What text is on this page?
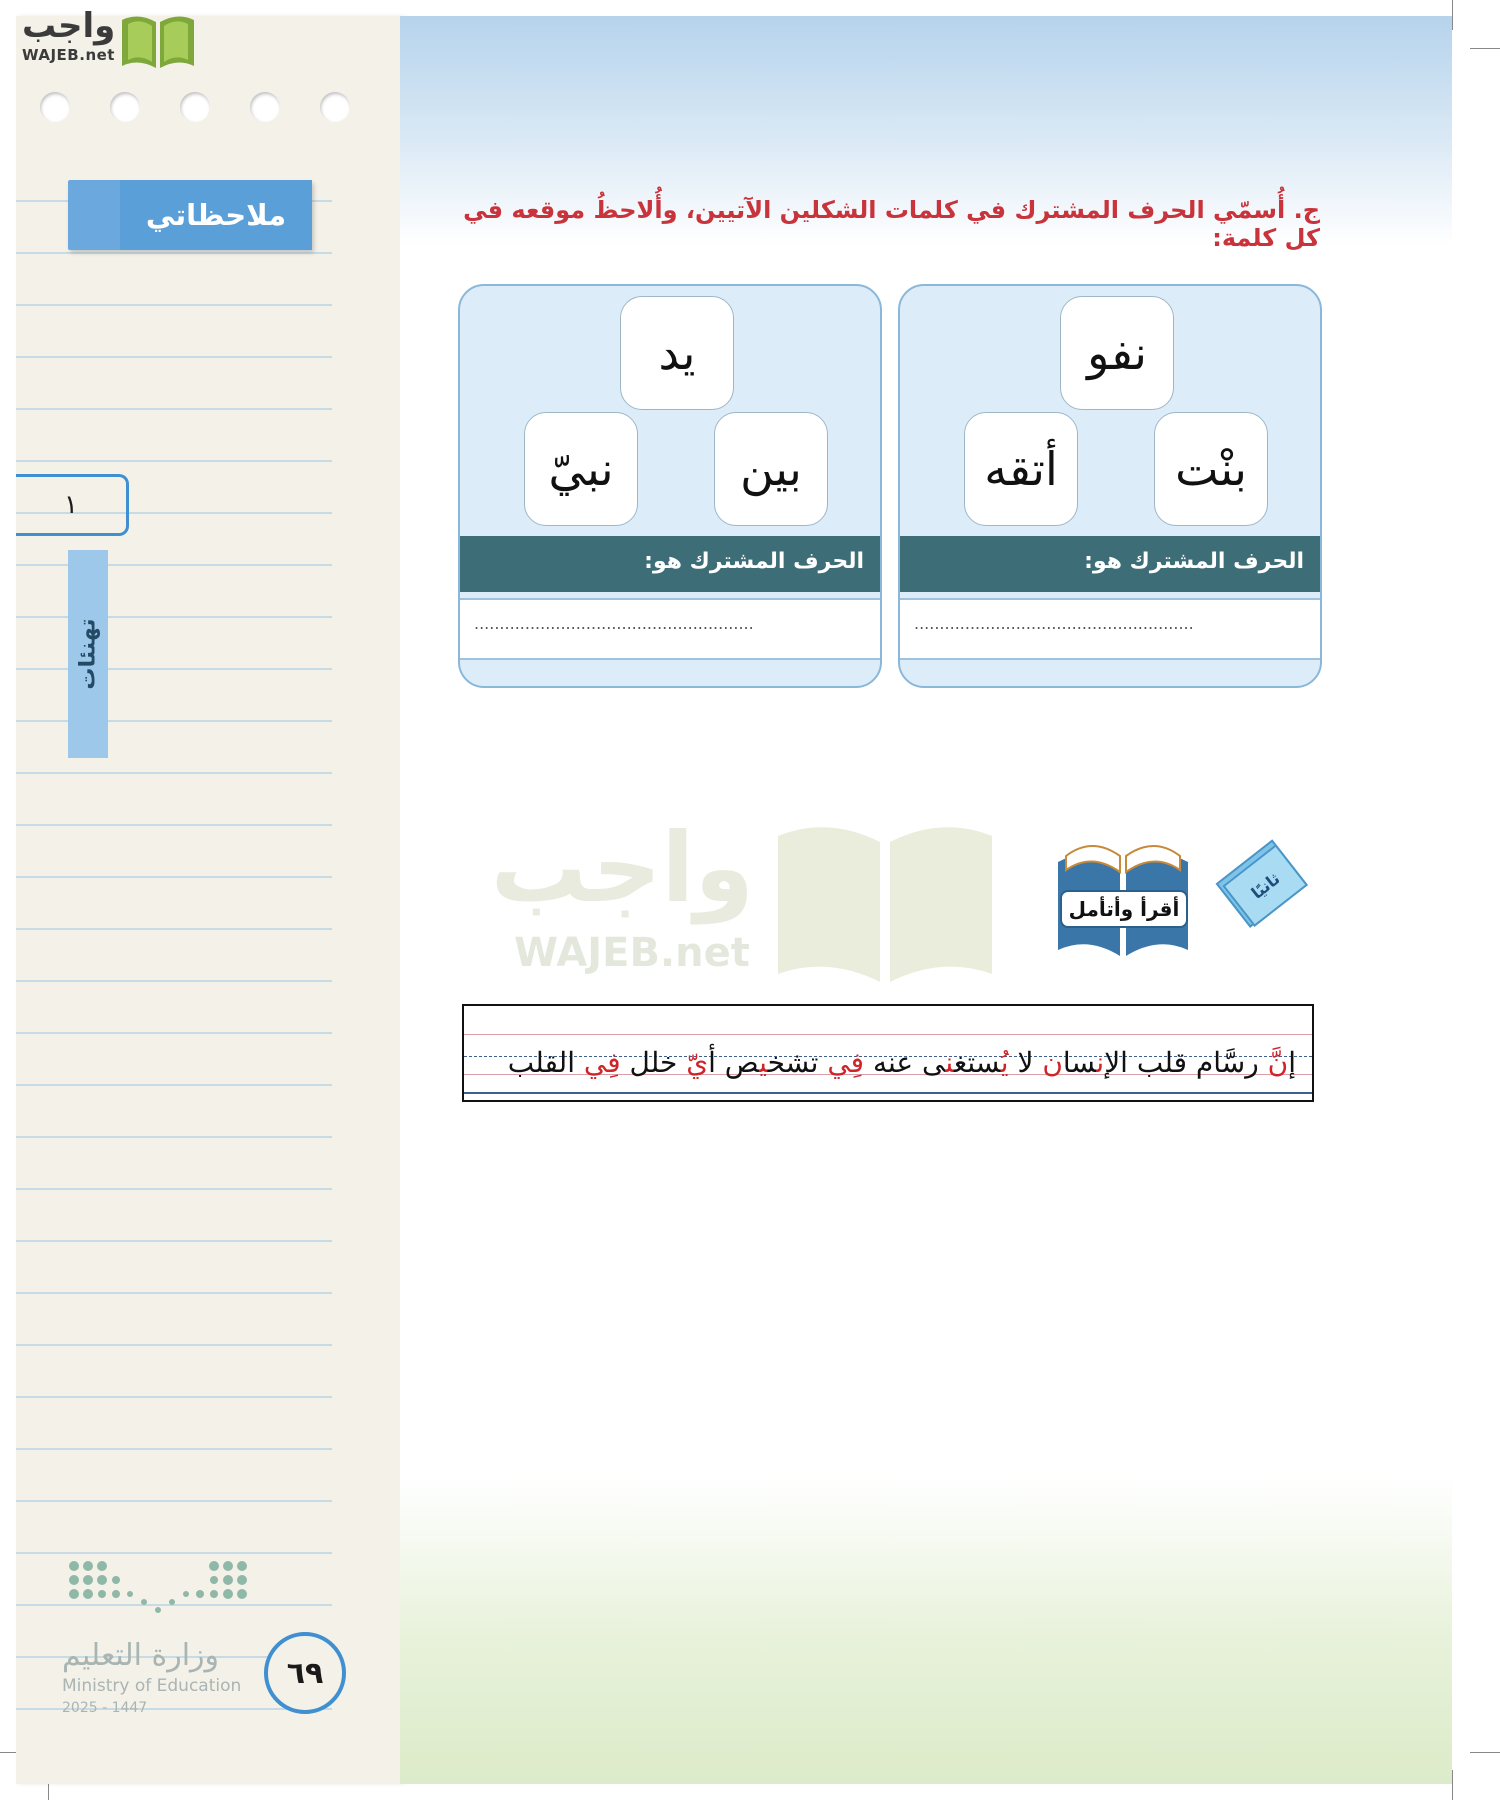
ملاحظاتي
١
تهنئات
٦٩
وزارة التعليم
Ministry of Education
2025 - 1447
واجب
WAJEB.net
ج. أُسمّي الحرف المشترك في كلمات الشكلين الآتيين، وأُلاحظُ موقعه في كل كلمة:
نفو
بنْت
أتقه
الحرف المشترك هو:
.......................................................
يد
بين
نبيّ
الحرف المشترك هو:
.......................................................
واجب
WAJEB.net
ثانيًا
أقرأ وأتأمل
إنَّ رسَّام قلب الإنسان لا يُستغنى عنه فِي تشخيص أيّ خلل فِي القلب
